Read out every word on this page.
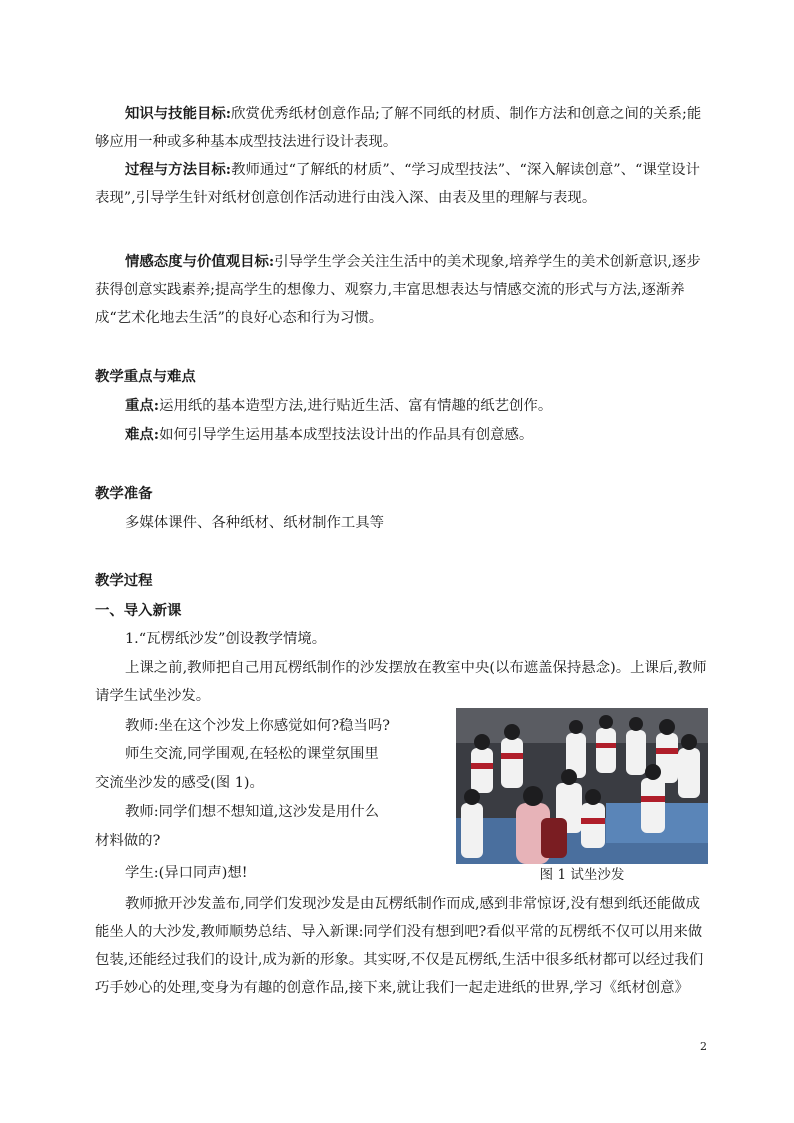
知识与技能目标:欣赏优秀纸材创意作品;了解不同纸的材质、制作方法和创意之间的关系;能够应用一种或多种基本成型技法进行设计表现。

过程与方法目标:教师通过“了解纸的材质”、“学习成型技法”、“深入解读创意”、“课堂设计表现”,引导学生针对纸材创意创作活动进行由浅入深、由表及里的理解与表现。

情感态度与价值观目标:引导学生学会关注生活中的美术现象,培养学生的美术创新意识,逐步获得创意实践素养;提高学生的想像力、观察力,丰富思想表达与情感交流的形式与方法,逐渐养成“艺术化地去生活”的良好心态和行为习惯。

教学重点与难点

重点:运用纸的基本造型方法,进行贴近生活、富有情趣的纸艺创作。

难点:如何引导学生运用基本成型技法设计出的作品具有创意感。

教学准备

多媒体课件、各种纸材、纸材制作工具等

教学过程

一、导入新课

1.“瓦楞纸沙发”创设教学情境。

上课之前,教师把自己用瓦楞纸制作的沙发摆放在教室中央(以布遮盖保持悬念)。上课后,教师请学生试坐沙发。

教师:坐在这个沙发上你感觉如何?稳当吗?

师生交流,同学围观,在轻松的课堂氛围里

交流坐沙发的感受(图 1)。

教师:同学们想不想知道,这沙发是用什么

材料做的?

学生:(异口同声)想!	图 1 试坐沙发

教师掀开沙发盖布,同学们发现沙发是由瓦楞纸制作而成,感到非常惊讶,没有想到纸还能做成能坐人的大沙发,教师顺势总结、导入新课:同学们没有想到吧?看似平常的瓦楞纸不仅可以用来做包装,还能经过我们的设计,成为新的形象。其实呀,不仅是瓦楞纸,生活中很多纸材都可以经过我们巧手妙心的处理,变身为有趣的创意作品,接下来,就让我们一起走进纸的世界,学习《纸材创意》

2
